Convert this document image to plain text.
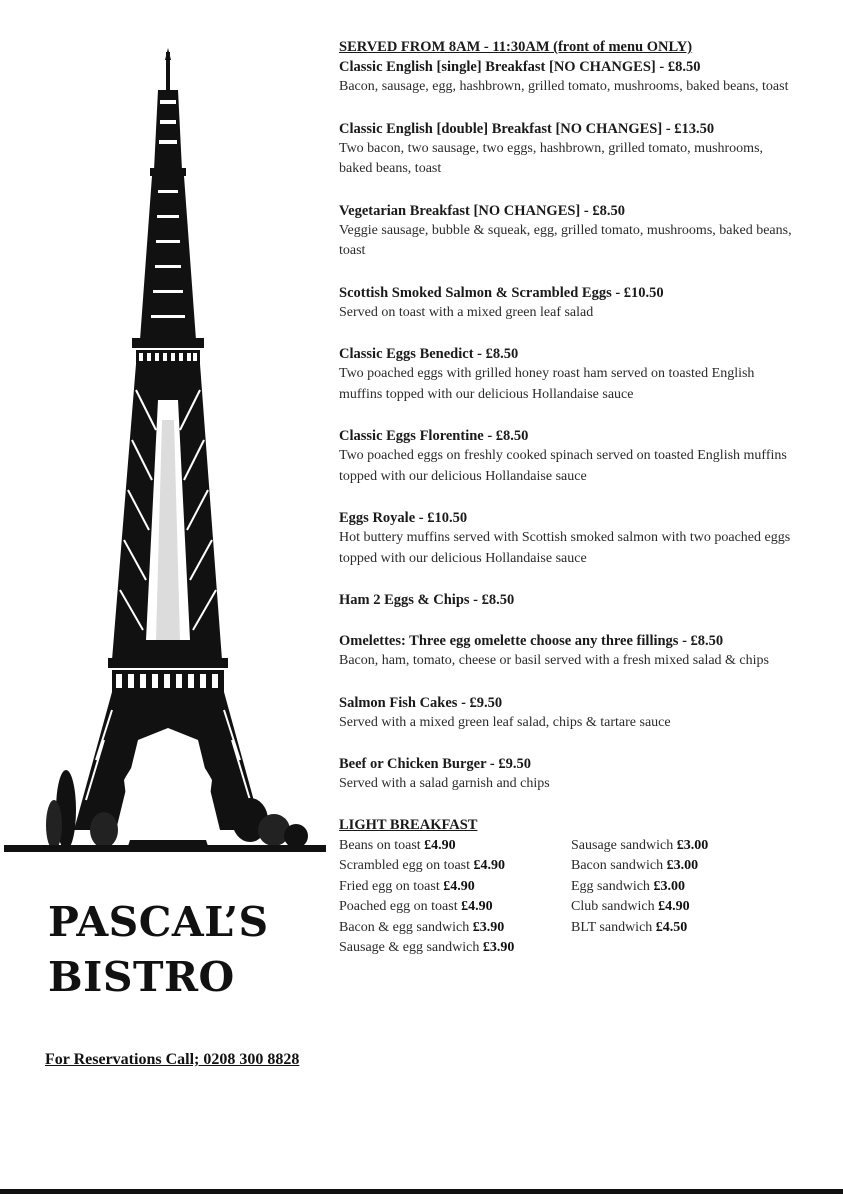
PASCAL’S
BISTRO
For Reservations Call; 0208 300 8828

SERVED FROM 8AM - 11:30AM (front of menu ONLY)

Classic English [single] Breakfast [NO CHANGES] - £8.50
Bacon, sausage, egg, hashbrown, grilled tomato, mushrooms, baked beans, toast
Classic English [double] Breakfast [NO CHANGES] - £13.50
Two bacon, two sausage, two eggs, hashbrown, grilled tomato, mushrooms, baked beans, toast
Vegetarian Breakfast [NO CHANGES] - £8.50
Veggie sausage, bubble & squeak, egg, grilled tomato, mushrooms, baked beans, toast
Scottish Smoked Salmon & Scrambled Eggs - £10.50
Served on toast with a mixed green leaf salad
Classic Eggs Benedict - £8.50
Two poached eggs with grilled honey roast ham served on toasted English muffins topped with our delicious Hollandaise sauce
Classic Eggs Florentine - £8.50
Two poached eggs on freshly cooked spinach served on toasted English muffins topped with our delicious Hollandaise sauce
Eggs Royale - £10.50
Hot buttery muffins served with Scottish smoked salmon with two poached eggs topped with our delicious Hollandaise sauce
Ham 2 Eggs & Chips - £8.50
Omelettes: Three egg omelette choose any three fillings - £8.50
Bacon, ham, tomato, cheese or basil served with a fresh mixed salad & chips
Salmon Fish Cakes - £9.50
Served with a mixed green leaf salad, chips & tartare sauce
Beef or Chicken Burger - £9.50
Served with a salad garnish and chips

LIGHT BREAKFAST

Beans on toast £4.90
Scrambled egg on toast £4.90
Fried egg on toast £4.90
Poached egg on toast £4.90
Bacon & egg sandwich £3.90
Sausage & egg sandwich £3.90
Sausage sandwich £3.00
Bacon sandwich £3.00
Egg sandwich £3.00
Club sandwich £4.90
BLT sandwich £4.50
